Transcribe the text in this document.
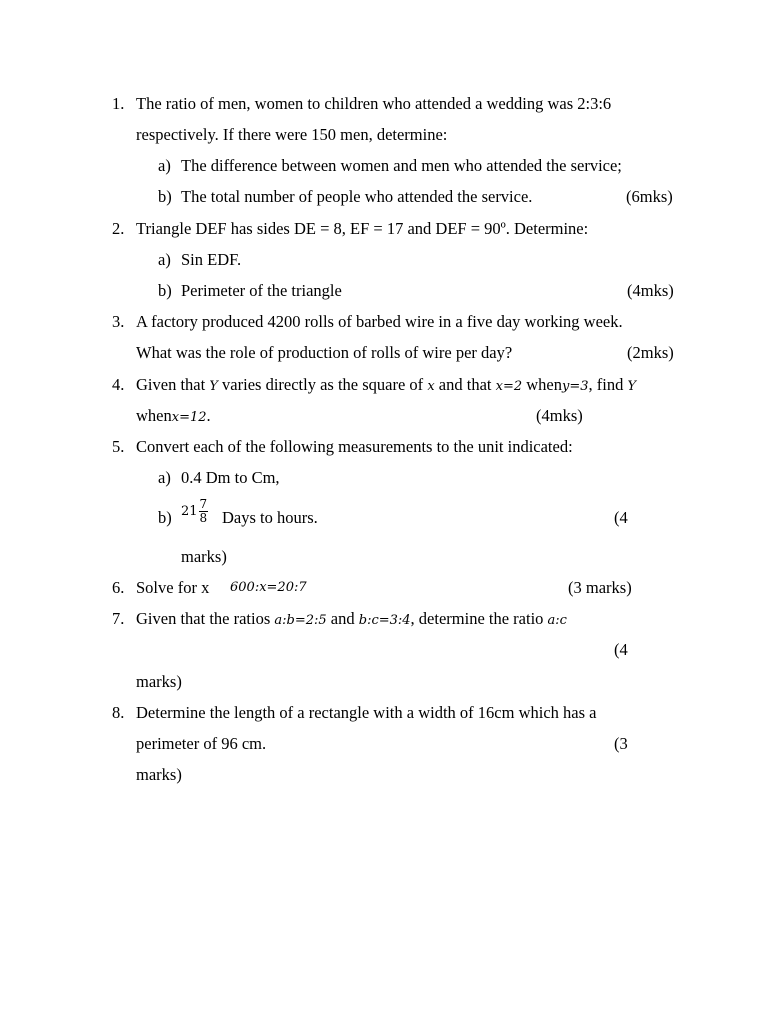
1. The ratio of men, women to children who attended a wedding was 2:3:6
respectively. If there were 150 men, determine:
a) The difference between women and men who attended the service;
b) The total number of people who attended the service.	(6mks)
2. Triangle DEF has sides DE = 8, EF = 17 and DEF = 90º. Determine:
a) Sin EDF.
b) Perimeter of the triangle	(4mks)
3. A factory produced 4200 rolls of barbed wire in a five day working week.
What was the role of production of rolls of wire per day?	(2mks)
4. Given that Y varies directly as the square of x and that x=2 wheny=3, find Y
whenx=12.	(4mks)
5. Convert each of the following measurements to the unit indicated:
a) 0.4 Dm to Cm,
b) $21 \frac{7}{8}$ Days to hours.	(4
marks)
6. Solve for x 600:x=20:7	(3 marks)
7. Given that the ratios a:b=2:5 and b:c=3:4, determine the ratio a:c
(4
marks)
8. Determine the length of a rectangle with a width of 16cm which has a
perimeter of 96 cm.	(3
marks)
